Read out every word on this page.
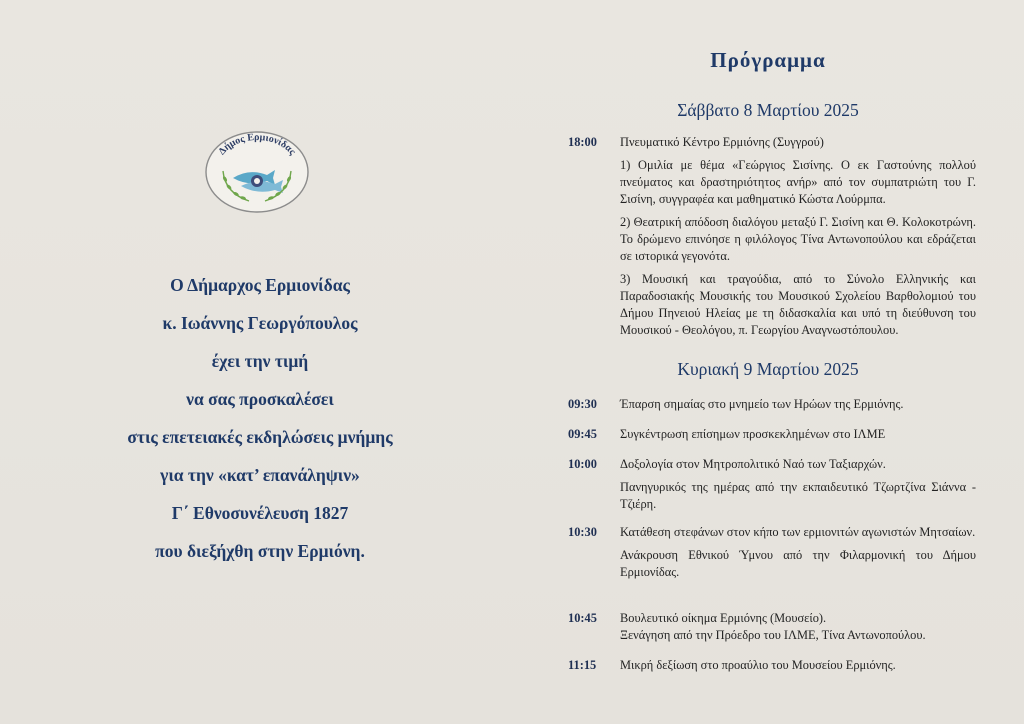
Δήμος Ερμιονίδας
Ο Δήμαρχος Ερμιονίδας
κ. Ιωάννης Γεωργόπουλος
έχει την τιμή
να σας προσκαλέσει
στις επετειακές εκδηλώσεις μνήμης
για την «κατ’ επανάληψιν»
Γ΄ Εθνοσυνέλευση 1827
που διεξήχθη στην Ερμιόνη.
Πρόγραμμα
Σάββατο 8 Μαρτίου 2025
18:00	Πνευματικό Κέντρο Ερμιόνης (Συγγρού)
1) Ομιλία με θέμα «Γεώργιος Σισίνης. Ο εκ Γαστούνης πολλού πνεύματος και δραστηριότητος ανήρ» από τον συμπατριώτη του Γ. Σισίνη, συγγραφέα και μαθηματικό Κώστα Λούρμπα.
2) Θεατρική απόδοση διαλόγου μεταξύ Γ. Σισίνη και Θ. Κολοκοτρώνη. Το δρώμενο επινόησε η φιλόλογος Τίνα Αντωνοπούλου και εδράζεται σε ιστορικά γεγονότα.
3) Μουσική και τραγούδια, από το Σύνολο Ελληνικής και Παραδοσιακής Μουσικής του Μουσικού Σχολείου Βαρθολομιού του Δήμου Πηνειού Ηλείας με τη διδασκαλία και υπό τη διεύθυνση του Μουσικού - Θεολόγου, π. Γεωργίου Αναγνωστόπουλου.
Κυριακή 9 Μαρτίου 2025
09:30	Έπαρση σημαίας στο μνημείο των Ηρώων της Ερμιόνης.
09:45	Συγκέντρωση επίσημων προσκεκλημένων στο ΙΛΜΕ
10:00	Δοξολογία στον Μητροπολιτικό Ναό των Ταξιαρχών.
Πανηγυρικός της ημέρας από την εκπαιδευτικό Τζωρτζίνα Σιάννα - Τζιέρη.
10:30	Κατάθεση στεφάνων στον κήπο των ερμιονιτών αγωνιστών Μητσαίων.
Ανάκρουση Εθνικού Ύμνου από την Φιλαρμονική του Δήμου Ερμιονίδας.
10:45	Βουλευτικό οίκημα Ερμιόνης (Μουσείο).
Ξενάγηση από την Πρόεδρο του ΙΛΜΕ, Τίνα Αντωνοπούλου.
11:15	Μικρή δεξίωση στο προαύλιο του Μουσείου Ερμιόνης.
